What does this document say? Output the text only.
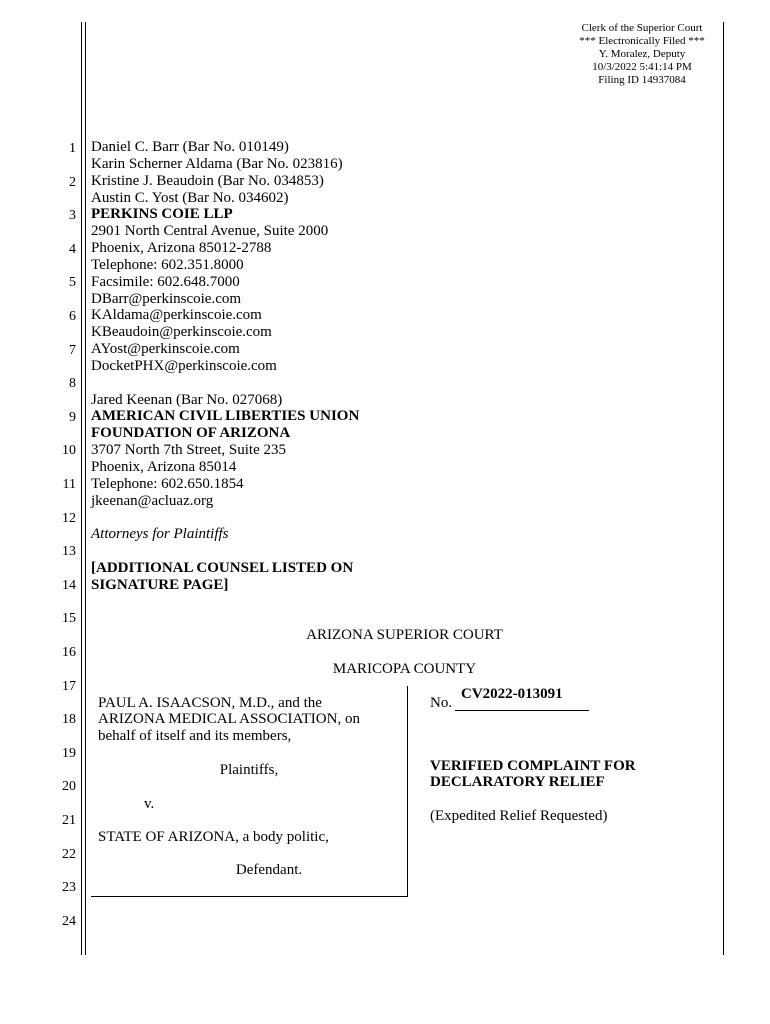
Clerk of the Superior Court
*** Electronically Filed ***
Y. Moralez, Deputy
10/3/2022 5:41:14 PM
Filing ID 14937084
1
2
3
4
5
6
7
8
9
10
11
12
13
14
15
16
17
18
19
20
21
22
23
24
Daniel C. Barr (Bar No. 010149)
Karin Scherner Aldama (Bar No. 023816)
Kristine J. Beaudoin (Bar No. 034853)
Austin C. Yost (Bar No. 034602)
PERKINS COIE LLP
2901 North Central Avenue, Suite 2000
Phoenix, Arizona 85012-2788
Telephone: 602.351.8000
Facsimile: 602.648.7000
DBarr@perkinscoie.com
KAldama@perkinscoie.com
KBeaudoin@perkinscoie.com
AYost@perkinscoie.com
DocketPHX@perkinscoie.com
Jared Keenan (Bar No. 027068)
AMERICAN CIVIL LIBERTIES UNION
FOUNDATION OF ARIZONA
3707 North 7th Street, Suite 235
Phoenix, Arizona 85014
Telephone: 602.650.1854
jkeenan@acluaz.org
Attorneys for Plaintiffs
[ADDITIONAL COUNSEL LISTED ON
SIGNATURE PAGE]
ARIZONA SUPERIOR COURT
MARICOPA COUNTY
PAUL A. ISAACSON, M.D., and the
ARIZONA MEDICAL ASSOCIATION, on
behalf of itself and its members,
Plaintiffs,
v.
STATE OF ARIZONA, a body politic,
Defendant.
No.
CV2022-013091
VERIFIED COMPLAINT FOR
DECLARATORY RELIEF
(Expedited Relief Requested)
